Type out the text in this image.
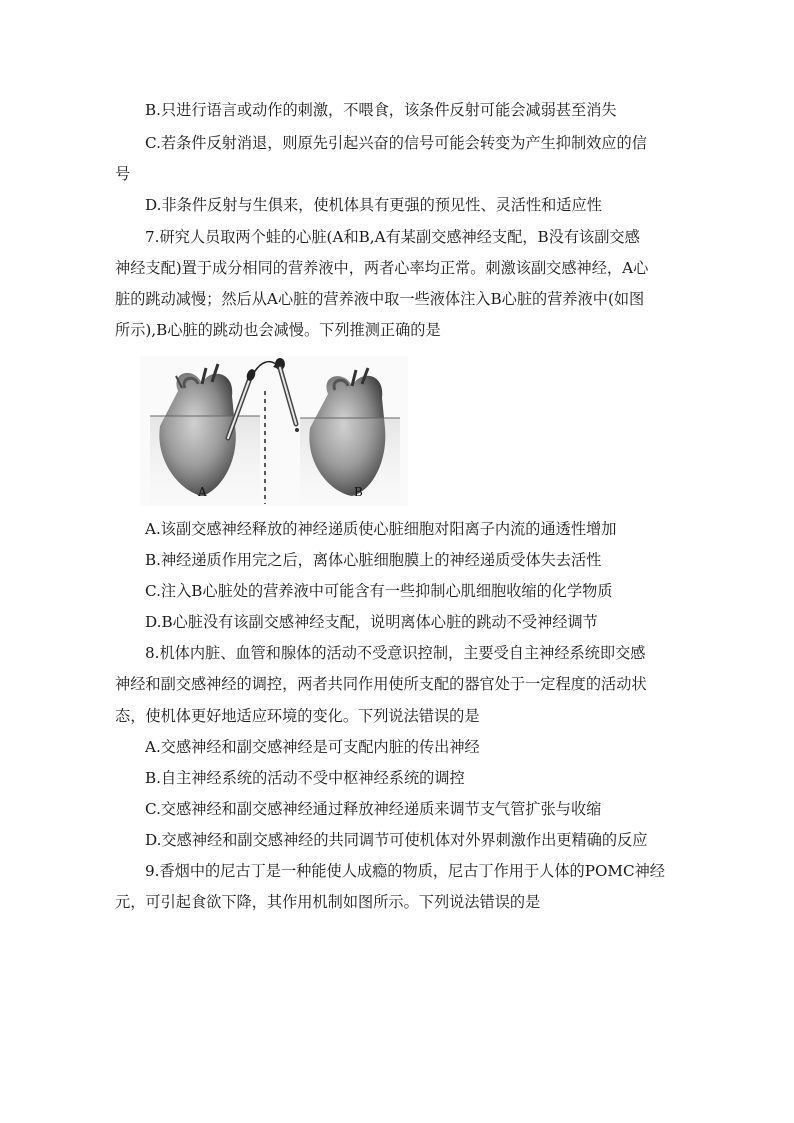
B.只进行语言或动作的刺激，不喂食，该条件反射可能会减弱甚至消失
C.若条件反射消退，则原先引起兴奋的信号可能会转变为产生抑制效应的信
号
D.非条件反射与生俱来，使机体具有更强的预见性、灵活性和适应性
7.研究人员取两个蛙的心脏(A和B,A有某副交感神经支配，B没有该副交感
神经支配)置于成分相同的营养液中，两者心率均正常。刺激该副交感神经，A心
脏的跳动减慢；然后从A心脏的营养液中取一些液体注入B心脏的营养液中(如图
所示),B心脏的跳动也会减慢。下列推测正确的是
A	B
A.该副交感神经释放的神经递质使心脏细胞对阳离子内流的通透性增加
B.神经递质作用完之后，离体心脏细胞膜上的神经递质受体失去活性
C.注入B心脏处的营养液中可能含有一些抑制心肌细胞收缩的化学物质
D.B心脏没有该副交感神经支配，说明离体心脏的跳动不受神经调节
8.机体内脏、血管和腺体的活动不受意识控制，主要受自主神经系统即交感
神经和副交感神经的调控，两者共同作用使所支配的器官处于一定程度的活动状
态，使机体更好地适应环境的变化。下列说法错误的是
A.交感神经和副交感神经是可支配内脏的传出神经
B.自主神经系统的活动不受中枢神经系统的调控
C.交感神经和副交感神经通过释放神经递质来调节支气管扩张与收缩
D.交感神经和副交感神经的共同调节可使机体对外界刺激作出更精确的反应
9.香烟中的尼古丁是一种能使人成瘾的物质，尼古丁作用于人体的POMC神经
元，可引起食欲下降，其作用机制如图所示。下列说法错误的是
